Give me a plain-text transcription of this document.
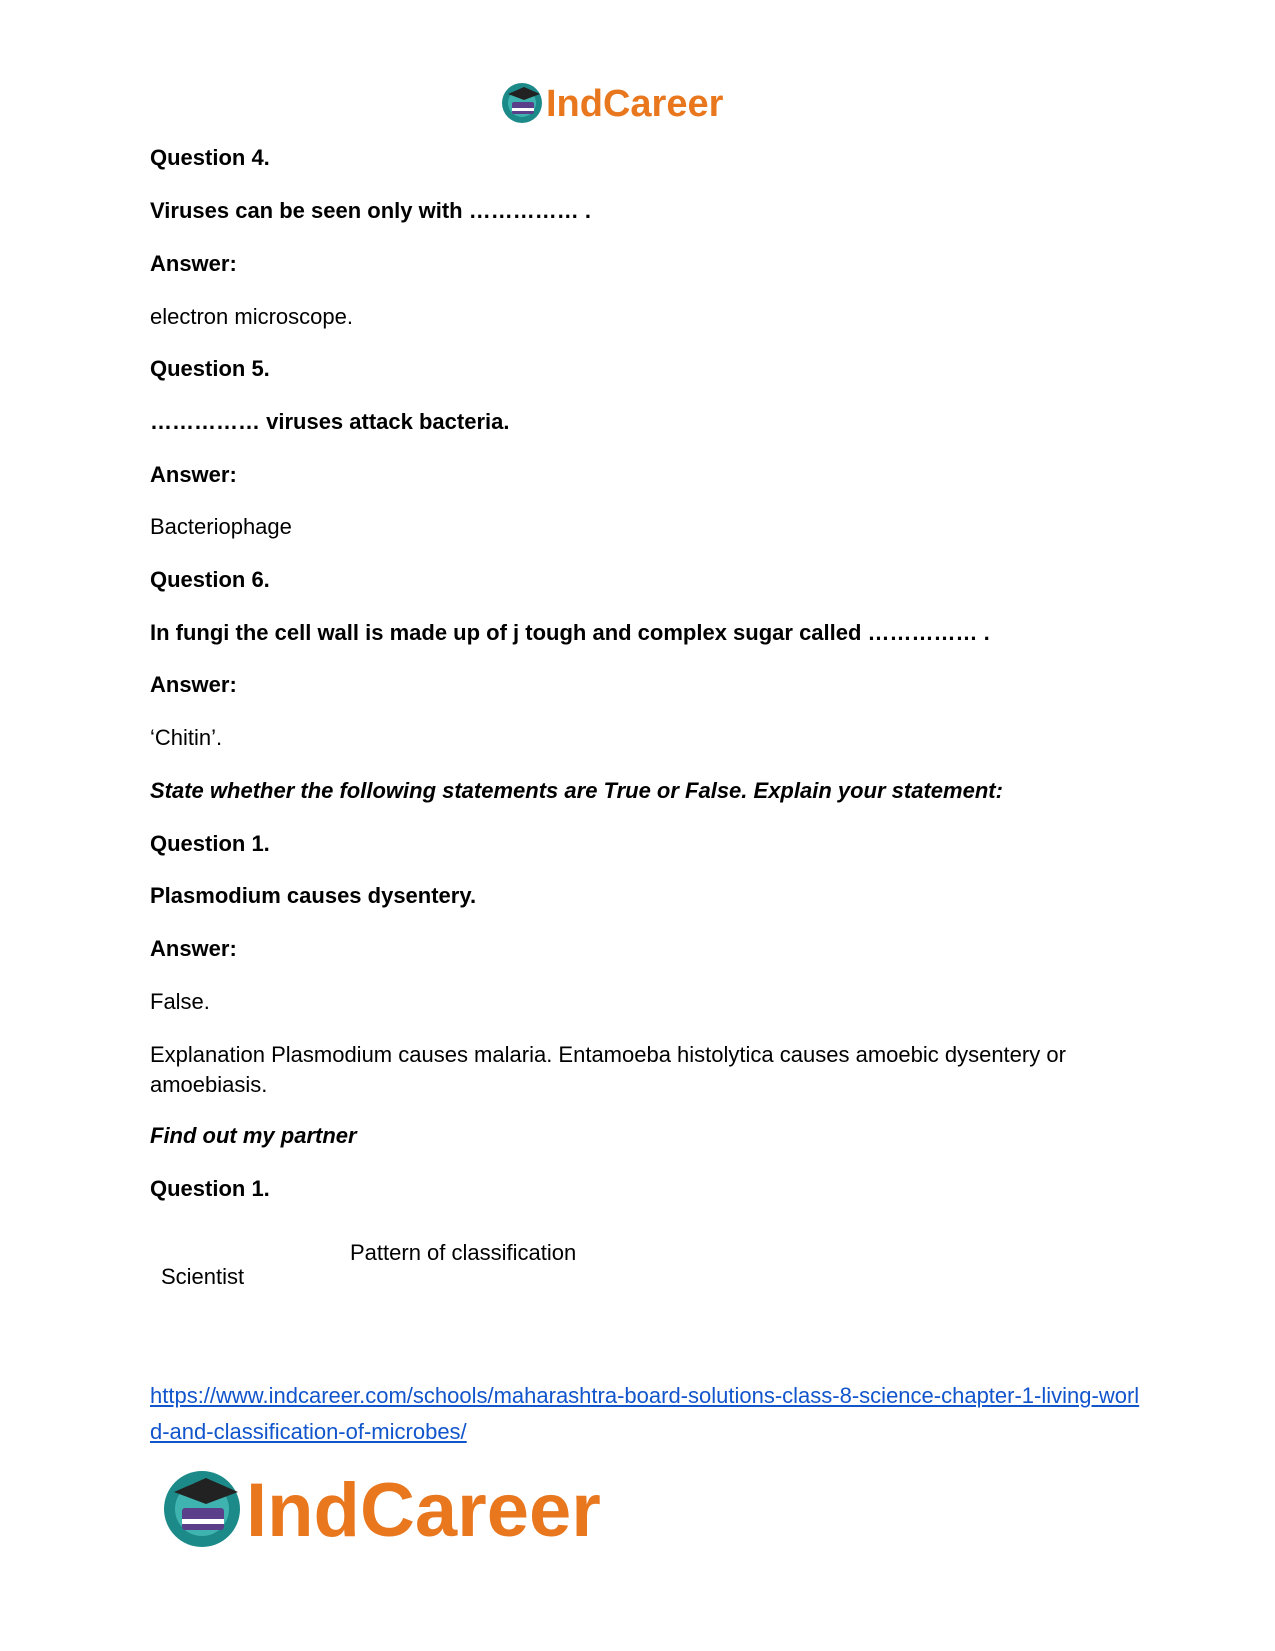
IndCareer
Question 4.
Viruses can be seen only with …………… .
Answer:
electron microscope.
Question 5.
…………… viruses attack bacteria.
Answer:
Bacteriophage
Question 6.
In fungi the cell wall is made up of j tough and complex sugar called …………… .
Answer:
‘Chitin’.
State whether the following statements are True or False. Explain your statement:
Question 1.
Plasmodium causes dysentery.
Answer:
False.
Explanation Plasmodium causes malaria. Entamoeba histolytica causes amoebic dysentery or amoebiasis.
Find out my partner
Question 1.
Pattern of classification
Scientist
https://www.indcareer.com/schools/maharashtra-board-solutions-class-8-science-chapter-1-living-world-and-classification-of-microbes/
IndCareer
